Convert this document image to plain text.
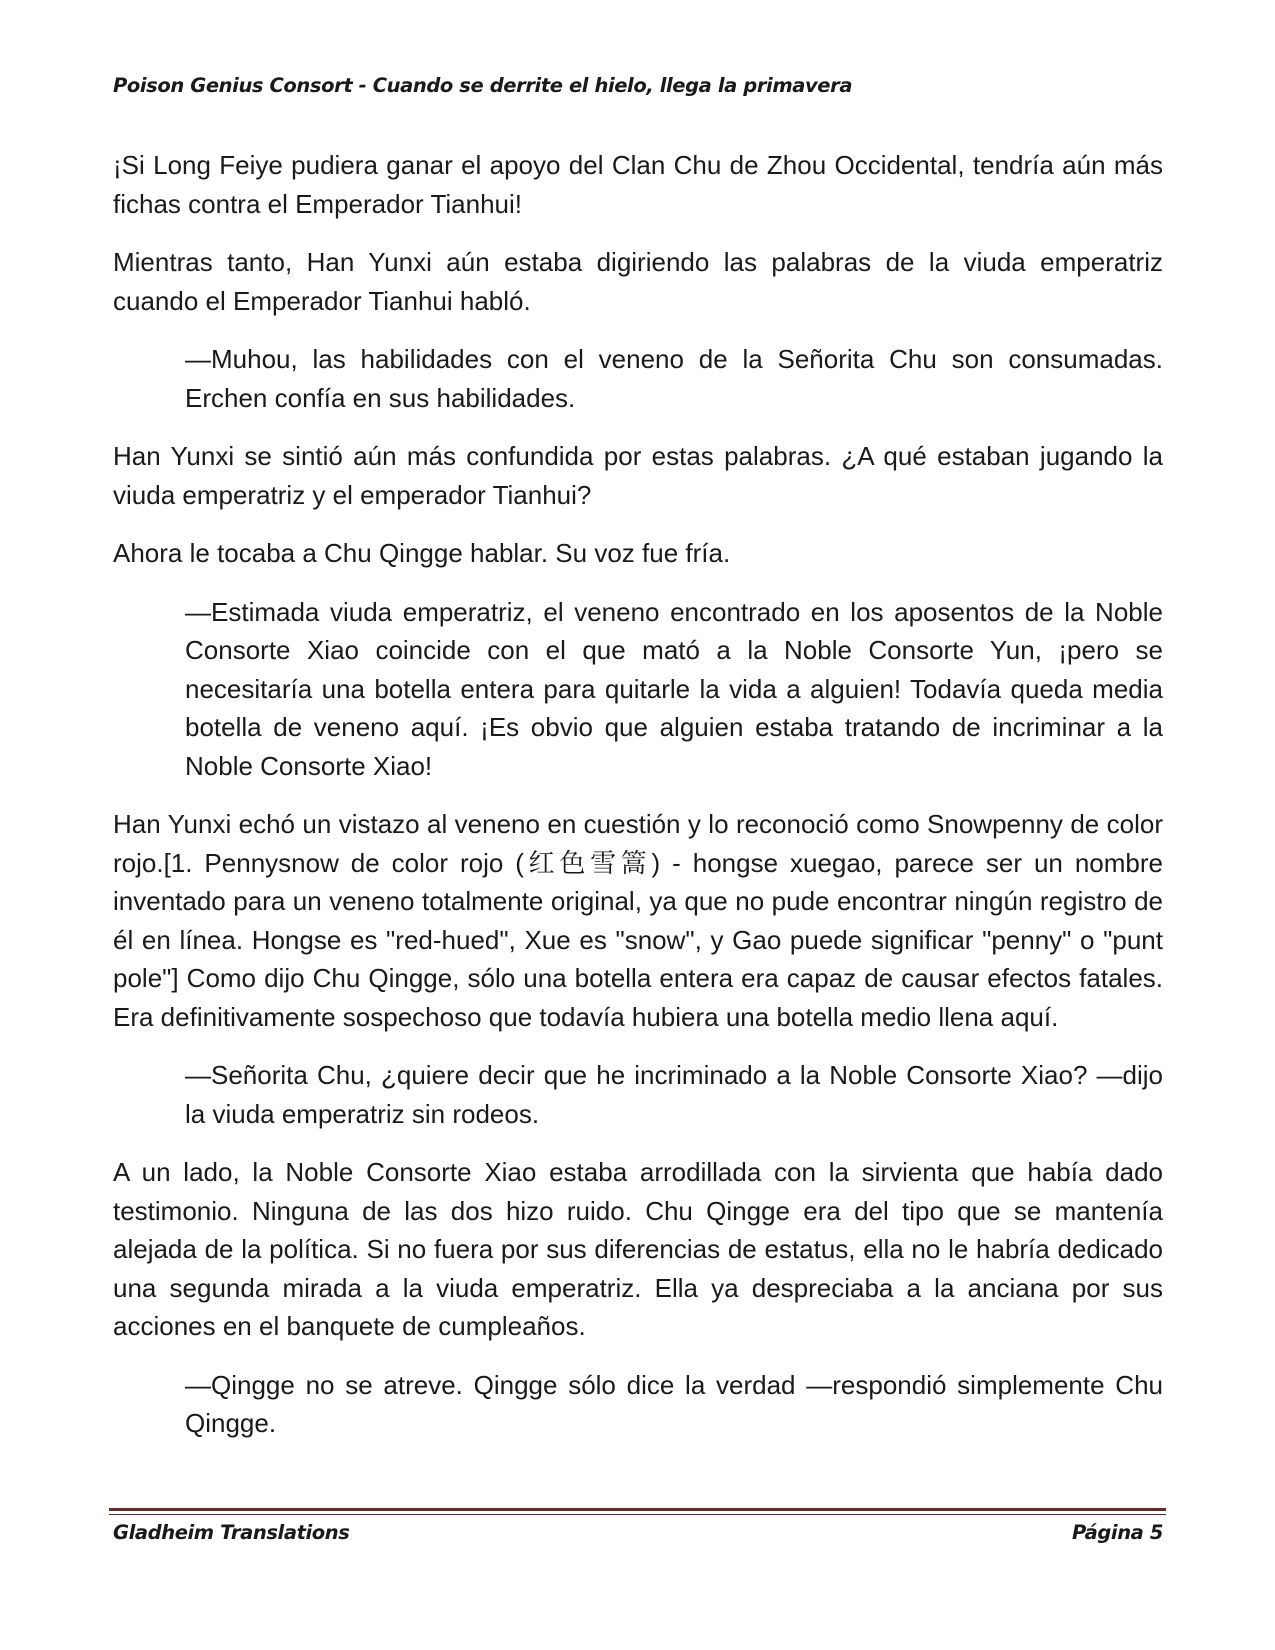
Poison Genius Consort - Cuando se derrite el hielo, llega la primavera

¡Si Long Feiye pudiera ganar el apoyo del Clan Chu de Zhou Occidental, tendría aún más fichas contra el Emperador Tianhui!

Mientras tanto, Han Yunxi aún estaba digiriendo las palabras de la viuda emperatriz cuando el Emperador Tianhui habló.

—Muhou, las habilidades con el veneno de la Señorita Chu son consumadas. Erchen confía en sus habilidades.

Han Yunxi se sintió aún más confundida por estas palabras. ¿A qué estaban jugando la viuda emperatriz y el emperador Tianhui?

Ahora le tocaba a Chu Qingge hablar. Su voz fue fría.

—Estimada viuda emperatriz, el veneno encontrado en los aposentos de la Noble Consorte Xiao coincide con el que mató a la Noble Consorte Yun, ¡pero se necesitaría una botella entera para quitarle la vida a alguien! Todavía queda media botella de veneno aquí. ¡Es obvio que alguien estaba tratando de incriminar a la Noble Consorte Xiao!

Han Yunxi echó un vistazo al veneno en cuestión y lo reconoció como Snowpenny de color rojo.[1. Pennysnow de color rojo (红色雪篙) - hongse xuegao, parece ser un nombre inventado para un veneno totalmente original, ya que no pude encontrar ningún registro de él en línea. Hongse es "red-hued", Xue es "snow", y Gao puede significar "penny" o "punt pole"] Como dijo Chu Qingge, sólo una botella entera era capaz de causar efectos fatales. Era definitivamente sospechoso que todavía hubiera una botella medio llena aquí.

—Señorita Chu, ¿quiere decir que he incriminado a la Noble Consorte Xiao? —dijo la viuda emperatriz sin rodeos.

A un lado, la Noble Consorte Xiao estaba arrodillada con la sirvienta que había dado testimonio. Ninguna de las dos hizo ruido. Chu Qingge era del tipo que se mantenía alejada de la política. Si no fuera por sus diferencias de estatus, ella no le habría dedicado una segunda mirada a la viuda emperatriz. Ella ya despreciaba a la anciana por sus acciones en el banquete de cumpleaños.

—Qingge no se atreve. Qingge sólo dice la verdad —respondió simplemente Chu Qingge.

Gladheim Translations	Página 5
